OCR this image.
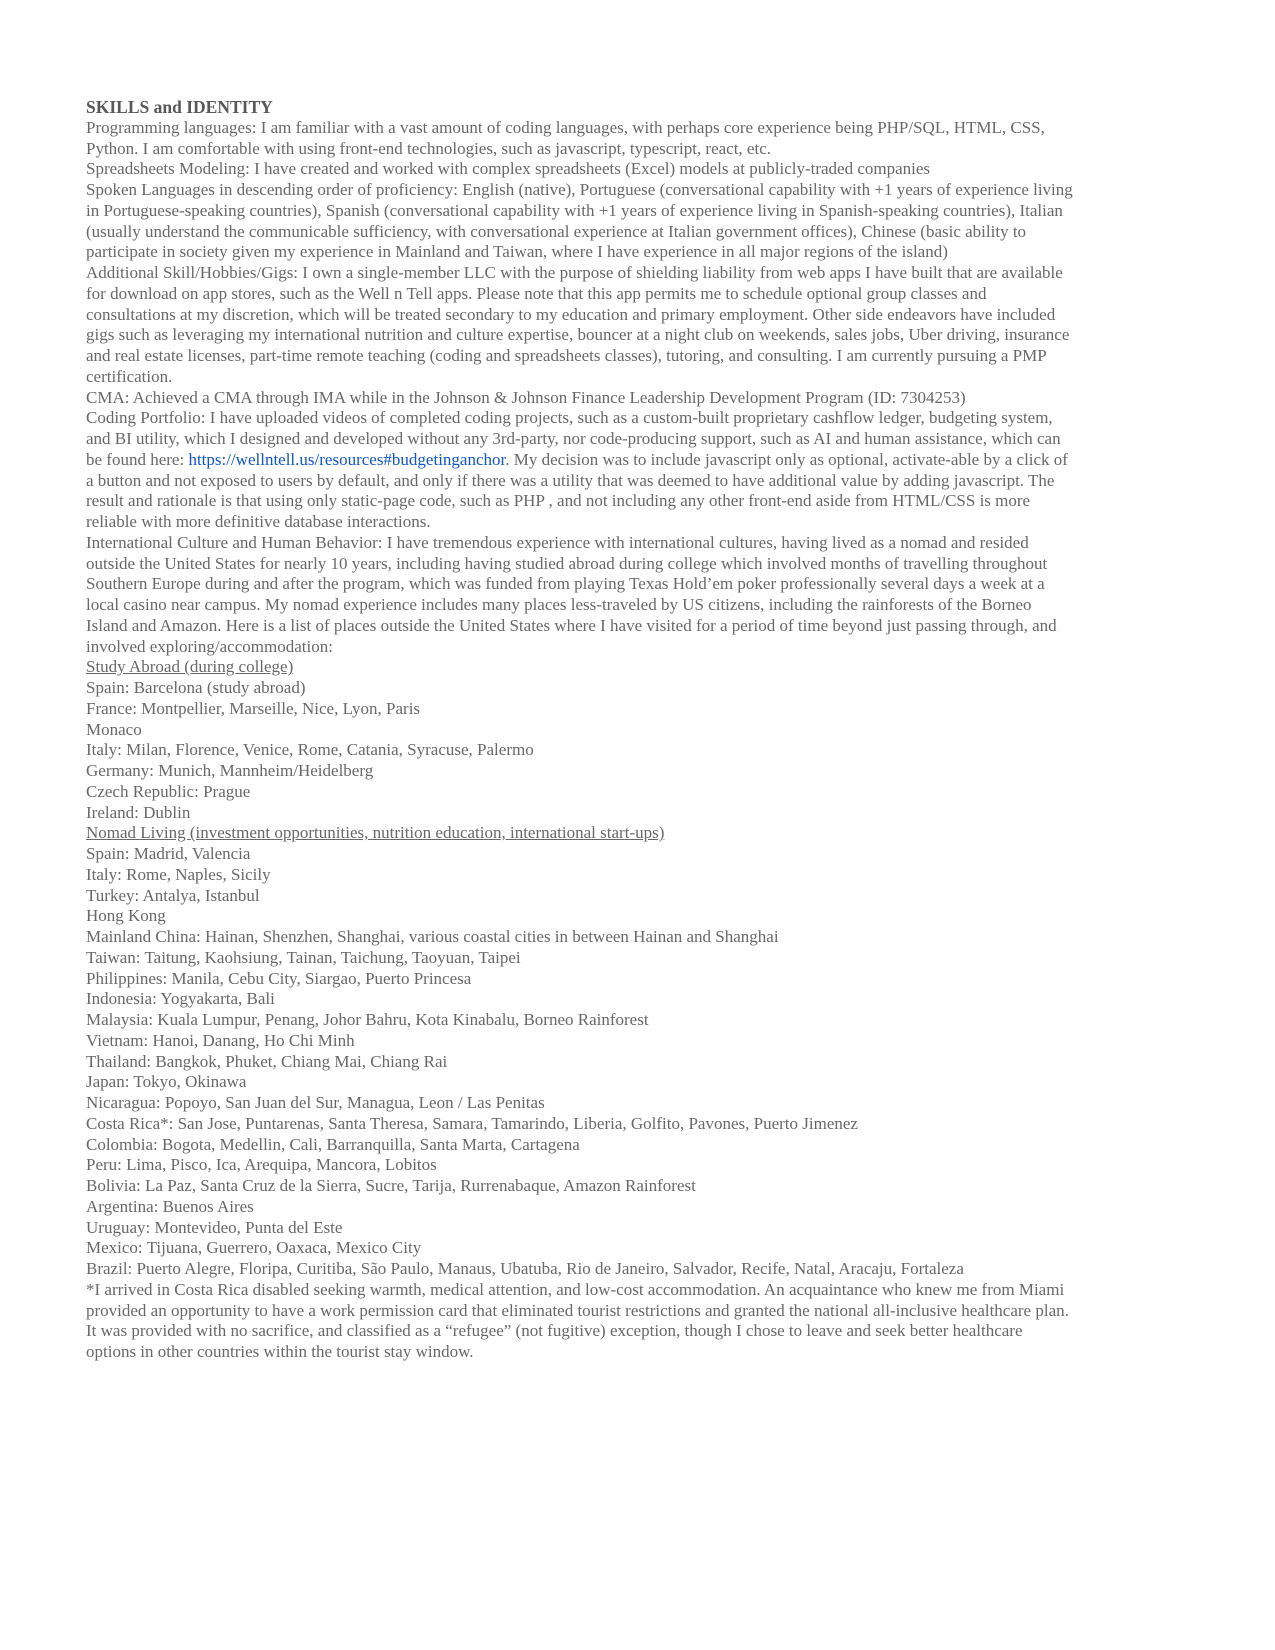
SKILLS and IDENTITY

Programming languages: I am familiar with a vast amount of coding languages, with perhaps core experience being PHP/SQL, HTML, CSS, Python. I am comfortable with using front-end technologies, such as javascript, typescript, react, etc.

Spreadsheets Modeling: I have created and worked with complex spreadsheets (Excel) models at publicly-traded companies

Spoken Languages in descending order of proficiency: English (native), Portuguese (conversational capability with +1 years of experience living in Portuguese-speaking countries), Spanish (conversational capability with +1 years of experience living in Spanish-speaking countries), Italian (usually understand the communicable sufficiency, with conversational experience at Italian government offices), Chinese (basic ability to participate in society given my experience in Mainland and Taiwan, where I have experience in all major regions of the island)

Additional Skill/Hobbies/Gigs: I own a single-member LLC with the purpose of shielding liability from web apps I have built that are available for download on app stores, such as the Well n Tell apps. Please note that this app permits me to schedule optional group classes and consultations at my discretion, which will be treated secondary to my education and primary employment. Other side endeavors have included gigs such as leveraging my international nutrition and culture expertise, bouncer at a night club on weekends, sales jobs, Uber driving, insurance and real estate licenses, part-time remote teaching (coding and spreadsheets classes), tutoring, and consulting. I am currently pursuing a PMP certification.

CMA: Achieved a CMA through IMA while in the Johnson & Johnson Finance Leadership Development Program (ID: 7304253)

Coding Portfolio: I have uploaded videos of completed coding projects, such as a custom-built proprietary cashflow ledger, budgeting system, and BI utility, which I designed and developed without any 3rd-party, nor code-producing support, such as AI and human assistance, which can be found here: https://wellntell.us/resources#budgetinganchor. My decision was to include javascript only as optional, activate-able by a click of a button and not exposed to users by default, and only if there was a utility that was deemed to have additional value by adding javascript. The result and rationale is that using only static-page code, such as PHP , and not including any other front-end aside from HTML/CSS is more reliable with more definitive database interactions.

International Culture and Human Behavior: I have tremendous experience with international cultures, having lived as a nomad and resided outside the United States for nearly 10 years, including having studied abroad during college which involved months of travelling throughout Southern Europe during and after the program, which was funded from playing Texas Hold’em poker professionally several days a week at a local casino near campus. My nomad experience includes many places less-traveled by US citizens, including the rainforests of the Borneo Island and Amazon. Here is a list of places outside the United States where I have visited for a period of time beyond just passing through, and involved exploring/accommodation:

Study Abroad (during college)

Spain: Barcelona (study abroad)

France: Montpellier, Marseille, Nice, Lyon, Paris

Monaco

Italy: Milan, Florence, Venice, Rome, Catania, Syracuse, Palermo

Germany: Munich, Mannheim/Heidelberg

Czech Republic: Prague

Ireland: Dublin

Nomad Living (investment opportunities, nutrition education, international start-ups)

Spain: Madrid, Valencia

Italy: Rome, Naples, Sicily

Turkey: Antalya, Istanbul

Hong Kong

Mainland China: Hainan, Shenzhen, Shanghai, various coastal cities in between Hainan and Shanghai

Taiwan: Taitung, Kaohsiung, Tainan, Taichung, Taoyuan, Taipei

Philippines: Manila, Cebu City, Siargao, Puerto Princesa

Indonesia: Yogyakarta, Bali

Malaysia: Kuala Lumpur, Penang, Johor Bahru, Kota Kinabalu, Borneo Rainforest

Vietnam: Hanoi, Danang, Ho Chi Minh

Thailand: Bangkok, Phuket, Chiang Mai, Chiang Rai

Japan: Tokyo, Okinawa

Nicaragua: Popoyo, San Juan del Sur, Managua, Leon / Las Penitas

Costa Rica*: San Jose, Puntarenas, Santa Theresa, Samara, Tamarindo, Liberia, Golfito, Pavones, Puerto Jimenez

Colombia: Bogota, Medellin, Cali, Barranquilla, Santa Marta, Cartagena

Peru: Lima, Pisco, Ica, Arequipa, Mancora, Lobitos

Bolivia: La Paz, Santa Cruz de la Sierra, Sucre, Tarija, Rurrenabaque, Amazon Rainforest

Argentina: Buenos Aires

Uruguay: Montevideo, Punta del Este

Mexico: Tijuana, Guerrero, Oaxaca, Mexico City

Brazil: Puerto Alegre, Floripa, Curitiba, São Paulo, Manaus, Ubatuba, Rio de Janeiro, Salvador, Recife, Natal, Aracaju, Fortaleza

*I arrived in Costa Rica disabled seeking warmth, medical attention, and low-cost accommodation. An acquaintance who knew me from Miami provided an opportunity to have a work permission card that eliminated tourist restrictions and granted the national all-inclusive healthcare plan. It was provided with no sacrifice, and classified as a “refugee” (not fugitive) exception, though I chose to leave and seek better healthcare options in other countries within the tourist stay window.
